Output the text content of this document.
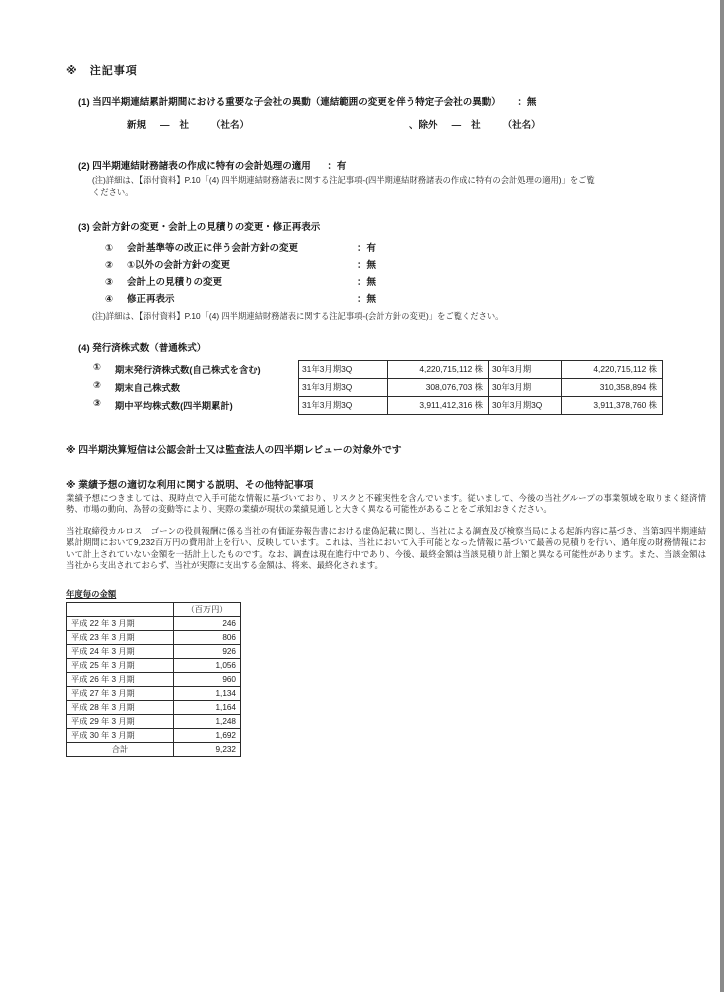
※　注記事項
(1) 当四半期連結累計期間における重要な子会社の異動（連結範囲の変更を伴う特定子会社の異動） ：無
新規 ― 社 （社名）	、除外 ― 社 （社名）
(2) 四半期連結財務諸表の作成に特有の会計処理の適用 ：有
(注)詳細は、【添付資料】P.10「(4) 四半期連結財務諸表に関する注記事項-(四半期連結財務諸表の作成に特有の会計処理の適用)」をご覧
ください。
(3) 会計方針の変更・会計上の見積りの変更・修正再表示
①	会計基準等の改正に伴う会計方針の変更	：有
②	①以外の会計方針の変更	：無
③	会計上の見積りの変更	：無
④	修正再表示	：無
(注)詳細は、【添付資料】P.10「(4) 四半期連結財務諸表に関する注記事項-(会計方針の変更)」をご覧ください。
(4) 発行済株式数（普通株式）
① 期末発行済株式数(自己株式を含む)	31年3月期3Q	4,220,715,112 株	30年3月期	4,220,715,112 株

② 期末自己株式数	31年3月期3Q	308,076,703 株	30年3月期	310,358,894 株

③ 期中平均株式数(四半期累計)	31年3月期3Q	3,911,412,316 株	30年3月期3Q	3,911,378,760 株
※ 四半期決算短信は公認会計士又は監査法人の四半期レビューの対象外です
※ 業績予想の適切な利用に関する説明、その他特記事項
業績予想につきましては、現時点で入手可能な情報に基づいており、リスクと不確実性を含んでいます。従いまして、今後の当社グループの事業領域を取りまく経済情勢、市場の動向、為替の変動等により、実際の業績が現状の業績見通しと大きく異なる可能性があることをご承知おきください。
当社取締役カルロス　ゴーンの役員報酬に係る当社の有価証券報告書における虚偽記載に関し、当社による調査及び検察当局による起訴内容に基づき、当第3四半期連結累計期間において9,232百万円の費用計上を行い、反映しています。これは、当社において入手可能となった情報に基づいて最善の見積りを行い、過年度の財務情報において計上されていない金額を一括計上したものです。なお、調査は現在進行中であり、今後、最終金額は当該見積り計上額と異なる可能性があります。また、当該金額は当社から支出されておらず、当社が実際に支出する金額は、将来、最終化されます。
年度毎の金額
	（百万円）
平成 22 年 3 月期	246
平成 23 年 3 月期	806
平成 24 年 3 月期	926
平成 25 年 3 月期	1,056
平成 26 年 3 月期	960
平成 27 年 3 月期	1,134
平成 28 年 3 月期	1,164
平成 29 年 3 月期	1,248
平成 30 年 3 月期	1,692
合計	9,232
